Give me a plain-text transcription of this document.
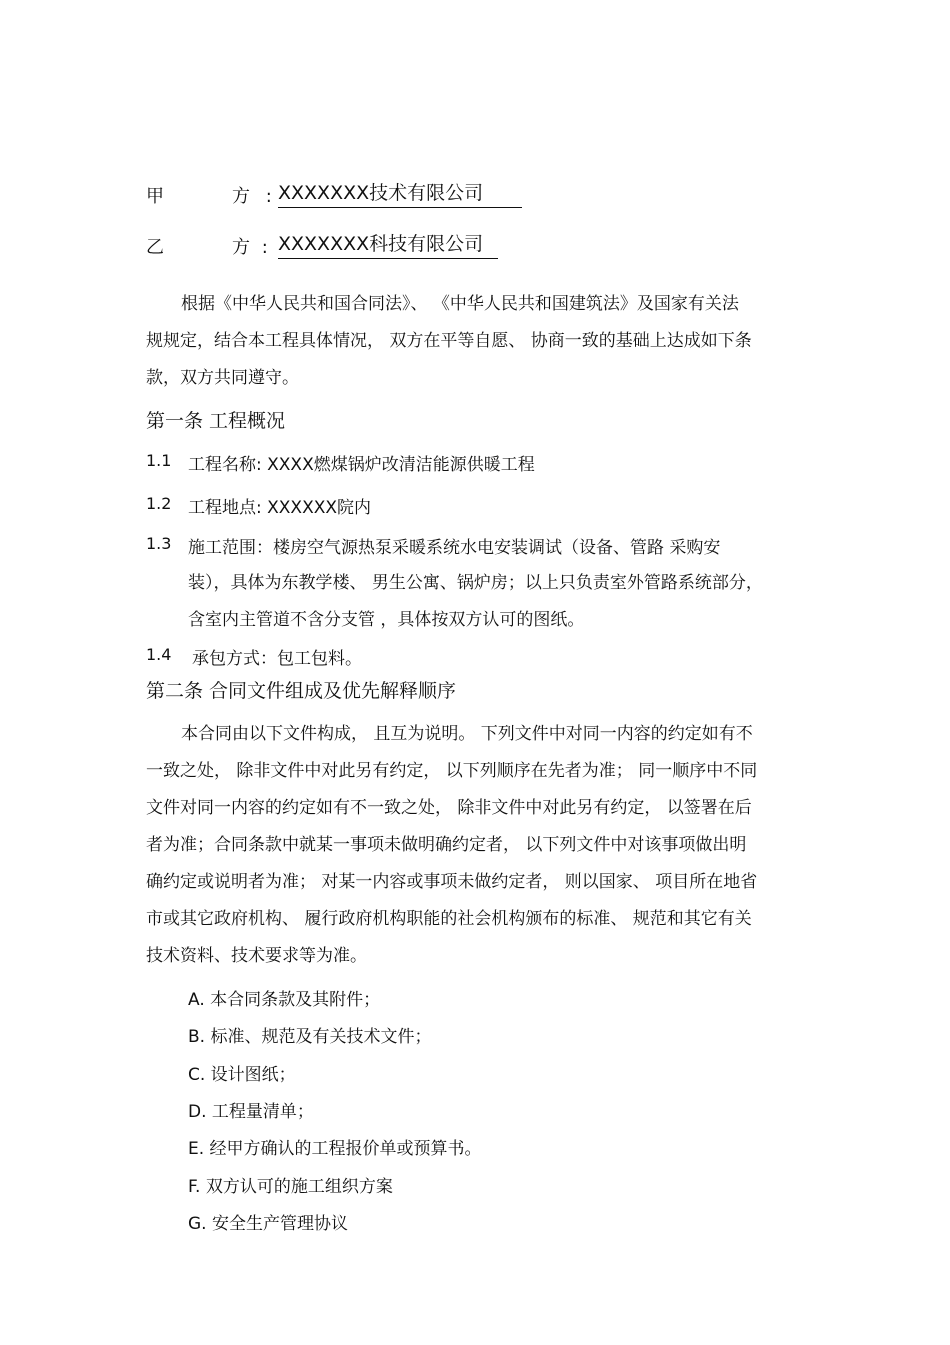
甲	方 : XXXXXXX技术有限公司
乙	方 : XXXXXXX科技有限公司
根据《中华人民共和国合同法》、 《中华人民共和国建筑法》及国家有关法
规规定，结合本工程具体情况， 双方在平等自愿、 协商一致的基础上达成如下条
款，双方共同遵守。
第一条 工程概况
1.1 工程名称: XXXX燃煤锅炉改清洁能源供暖工程
1.2 工程地点: XXXXXX院内
1.3 施工范围：楼房空气源热泵采暖系统水电安装调试（设备、管路 采购安
装），具体为东教学楼、 男生公寓、锅炉房；以上只负责室外管路系统部分，
含室内主管道不含分支管 ，具体按双方认可的图纸。
1.4 承包方式：包工包料。
第二条 合同文件组成及优先解释顺序
本合同由以下文件构成， 且互为说明。 下列文件中对同一内容的约定如有不
一致之处， 除非文件中对此另有约定， 以下列顺序在先者为准； 同一顺序中不同
文件对同一内容的约定如有不一致之处， 除非文件中对此另有约定， 以签署在后
者为准；合同条款中就某一事项未做明确约定者， 以下列文件中对该事项做出明
确约定或说明者为准； 对某一内容或事项未做约定者， 则以国家、 项目所在地省
市或其它政府机构、 履行政府机构职能的社会机构颁布的标准、 规范和其它有关
技术资料、技术要求等为准。
A. 本合同条款及其附件；
B. 标准、规范及有关技术文件；
C. 设计图纸；
D. 工程量清单；
E. 经甲方确认的工程报价单或预算书。
F. 双方认可的施工组织方案
G. 安全生产管理协议
